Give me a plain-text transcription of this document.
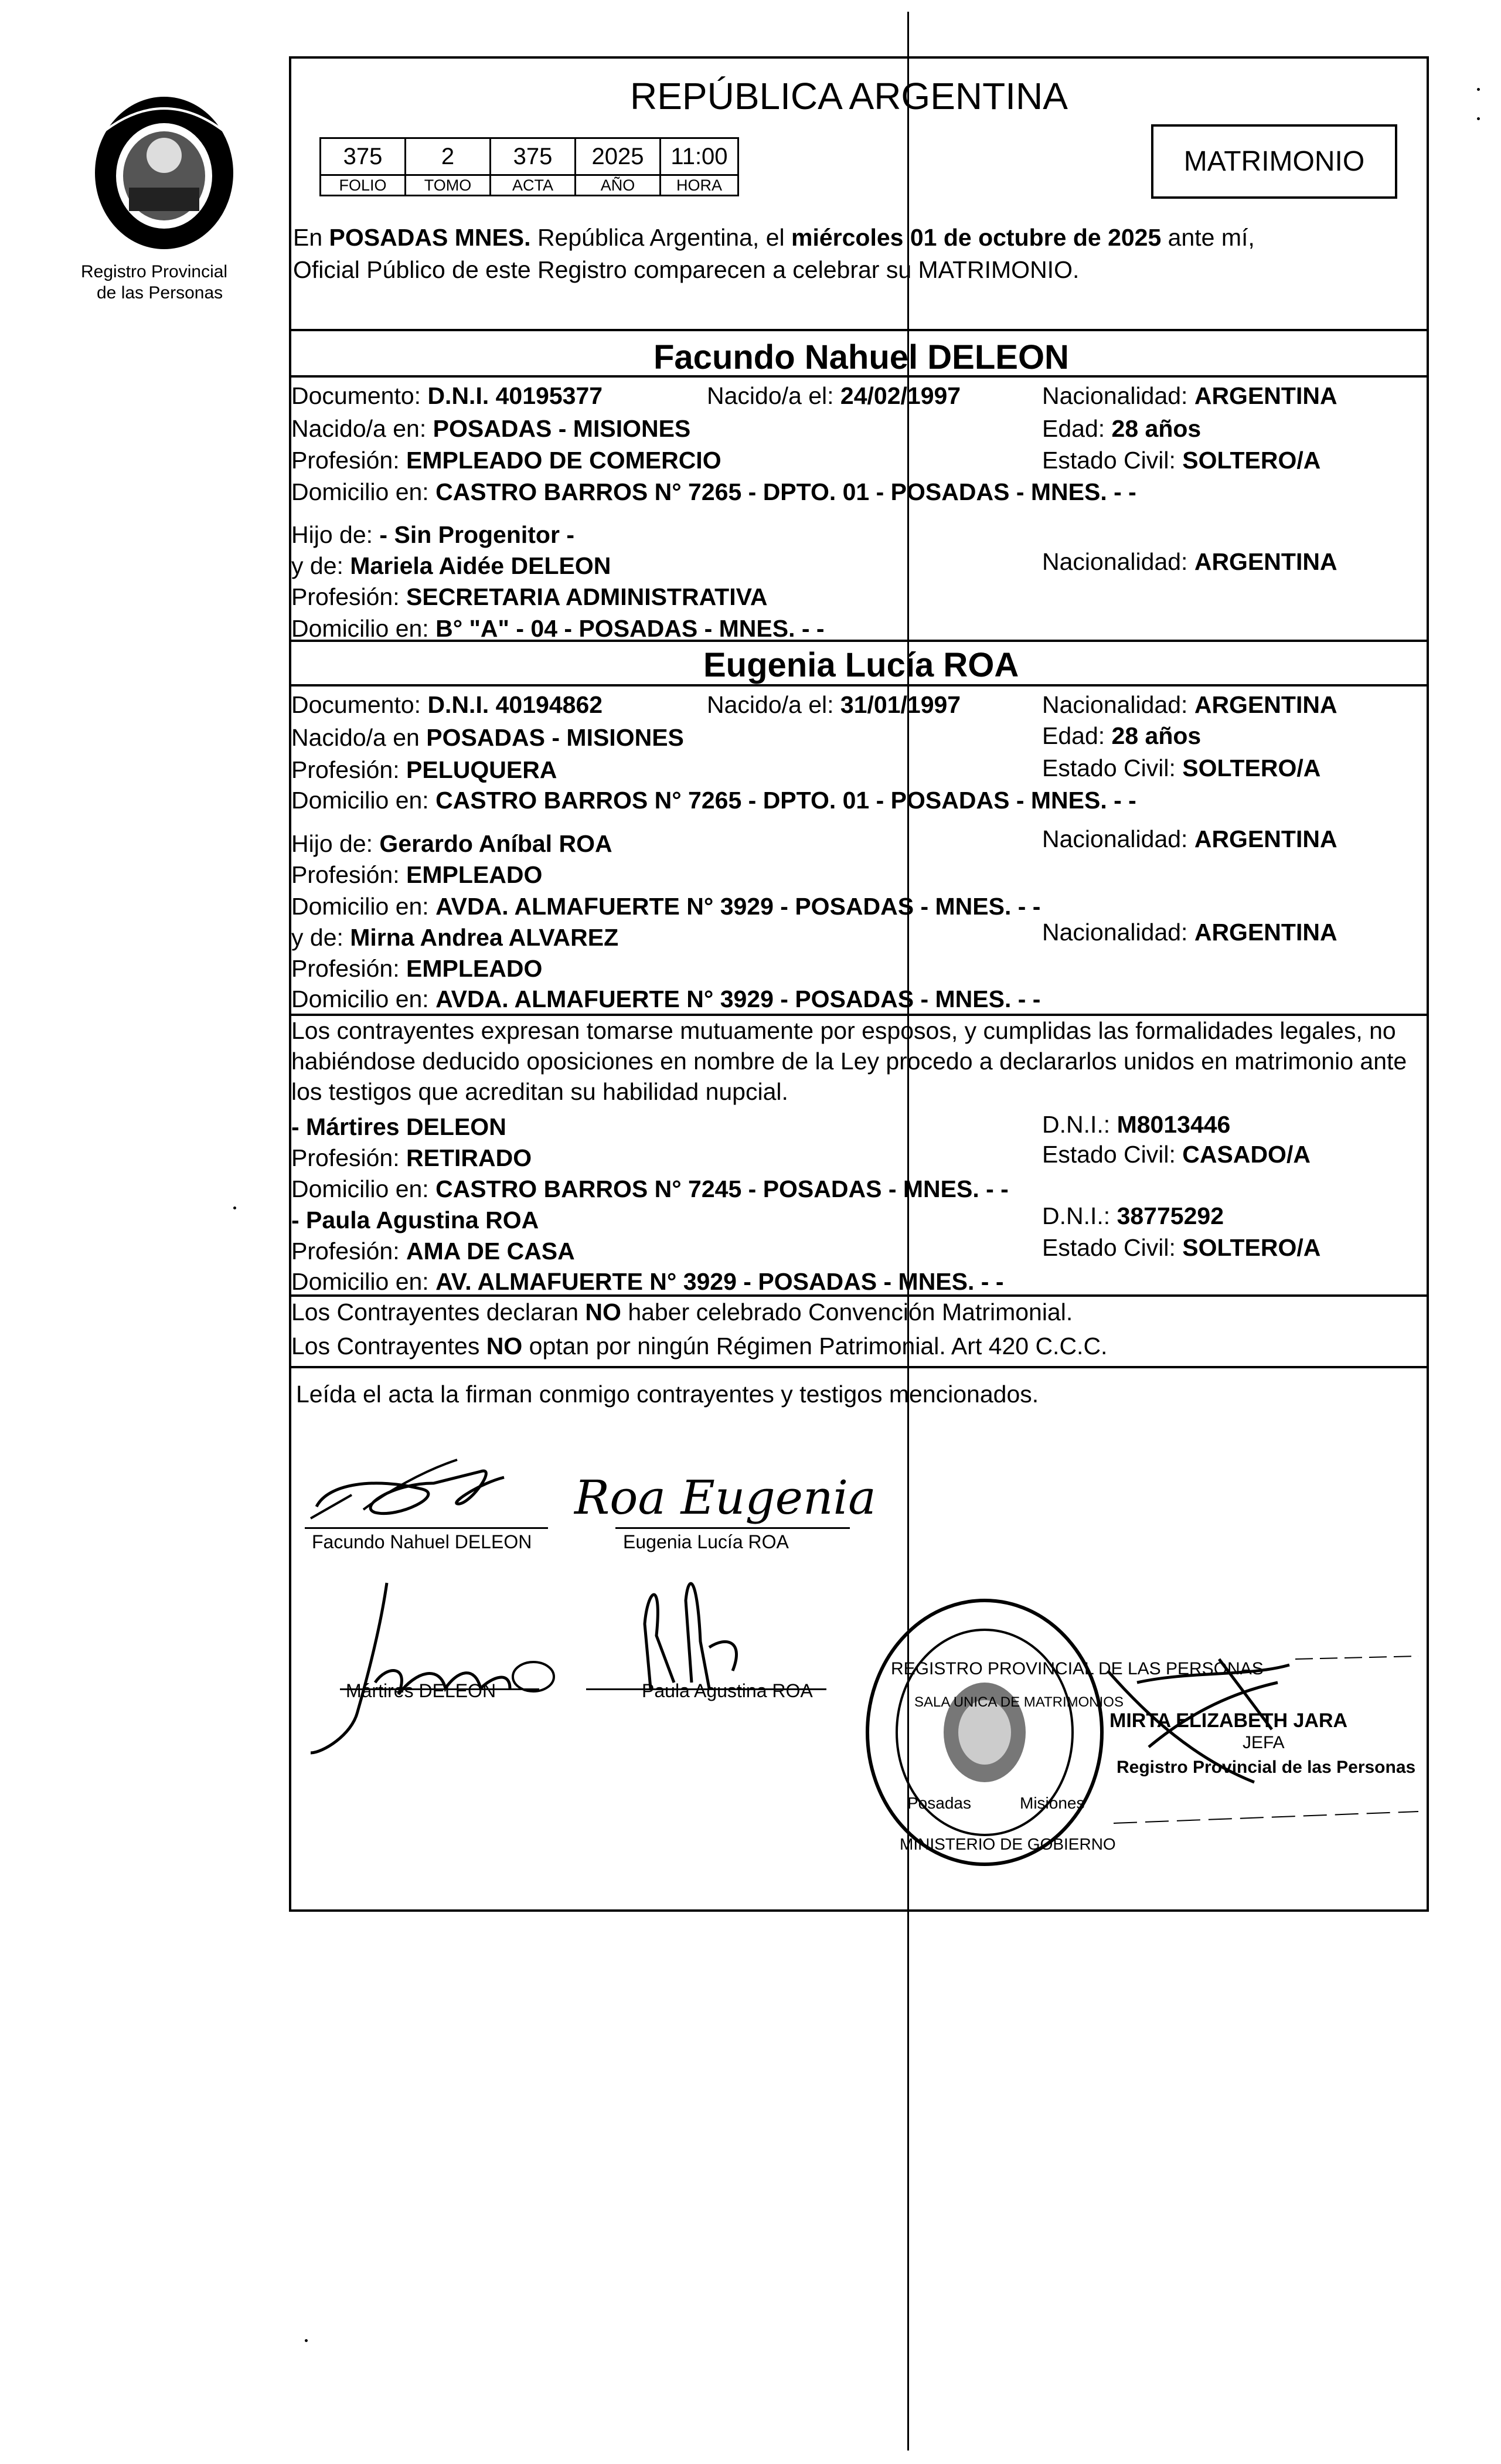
Registro Provincial
de las Personas
REPÚBLICA ARGENTINA
375	2	375	2025	11:00
FOLIO	TOMO	ACTA	AÑO	HORA
MATRIMONIO
En POSADAS MNES. República Argentina, el miércoles 01 de octubre de 2025 ante mí,
Oficial Público de este Registro comparecen a celebrar su MATRIMONIO.
Facundo Nahuel DELEON
Documento: D.N.I. 40195377	Nacido/a el: 24/02/1997	Nacionalidad: ARGENTINA
Nacido/a en: POSADAS - MISIONES	Edad: 28 años
Profesión: EMPLEADO DE COMERCIO	Estado Civil: SOLTERO/A
Domicilio en: CASTRO BARROS N° 7265 - DPTO. 01 - POSADAS - MNES. - -
Hijo de: - Sin Progenitor -
y de: Mariela Aidée DELEON	Nacionalidad: ARGENTINA
Profesión: SECRETARIA ADMINISTRATIVA
Domicilio en: B° "A" - 04 - POSADAS - MNES. - -
Eugenia Lucía ROA
Documento: D.N.I. 40194862	Nacido/a el: 31/01/1997	Nacionalidad: ARGENTINA
Nacido/a en POSADAS - MISIONES	Edad: 28 años
Profesión: PELUQUERA	Estado Civil: SOLTERO/A
Domicilio en: CASTRO BARROS N° 7265 - DPTO. 01 - POSADAS - MNES. - -
Hijo de: Gerardo Aníbal ROA	Nacionalidad: ARGENTINA
Profesión: EMPLEADO
Domicilio en: AVDA. ALMAFUERTE N° 3929 - POSADAS - MNES. - -
y de: Mirna Andrea ALVAREZ	Nacionalidad: ARGENTINA
Profesión: EMPLEADO
Domicilio en: AVDA. ALMAFUERTE N° 3929 - POSADAS - MNES. - -
Los contrayentes expresan tomarse mutuamente por esposos, y cumplidas las formalidades legales, no
habiéndose deducido oposiciones en nombre de la Ley procedo a declararlos unidos en matrimonio ante
los testigos que acreditan su habilidad nupcial.
- Mártires DELEON	D.N.I.: M8013446
Profesión: RETIRADO	Estado Civil: CASADO/A
Domicilio en: CASTRO BARROS N° 7245 - POSADAS - MNES. - -
- Paula Agustina ROA	D.N.I.: 38775292
Profesión: AMA DE CASA	Estado Civil: SOLTERO/A
Domicilio en: AV. ALMAFUERTE N° 3929 - POSADAS - MNES. - -
Los Contrayentes declaran NO haber celebrado Convención Matrimonial.
Los Contrayentes NO optan por ningún Régimen Patrimonial. Art 420 C.C.C.
Leída el acta la firman conmigo contrayentes y testigos mencionados.
Facundo Nahuel DELEON
Roa Eugenia
Eugenia Lucía ROA
Mártires DELEON	Paula Agustina ROA
REGISTRO PROVINCIAL DE LAS PERSONAS
SALA UNICA DE MATRIMONIOS
MINISTERIO DE GOBIERNO
Posadas	Misiones
MIRTA ELIZABETH JARA
JEFA
Registro Provincial de las Personas
